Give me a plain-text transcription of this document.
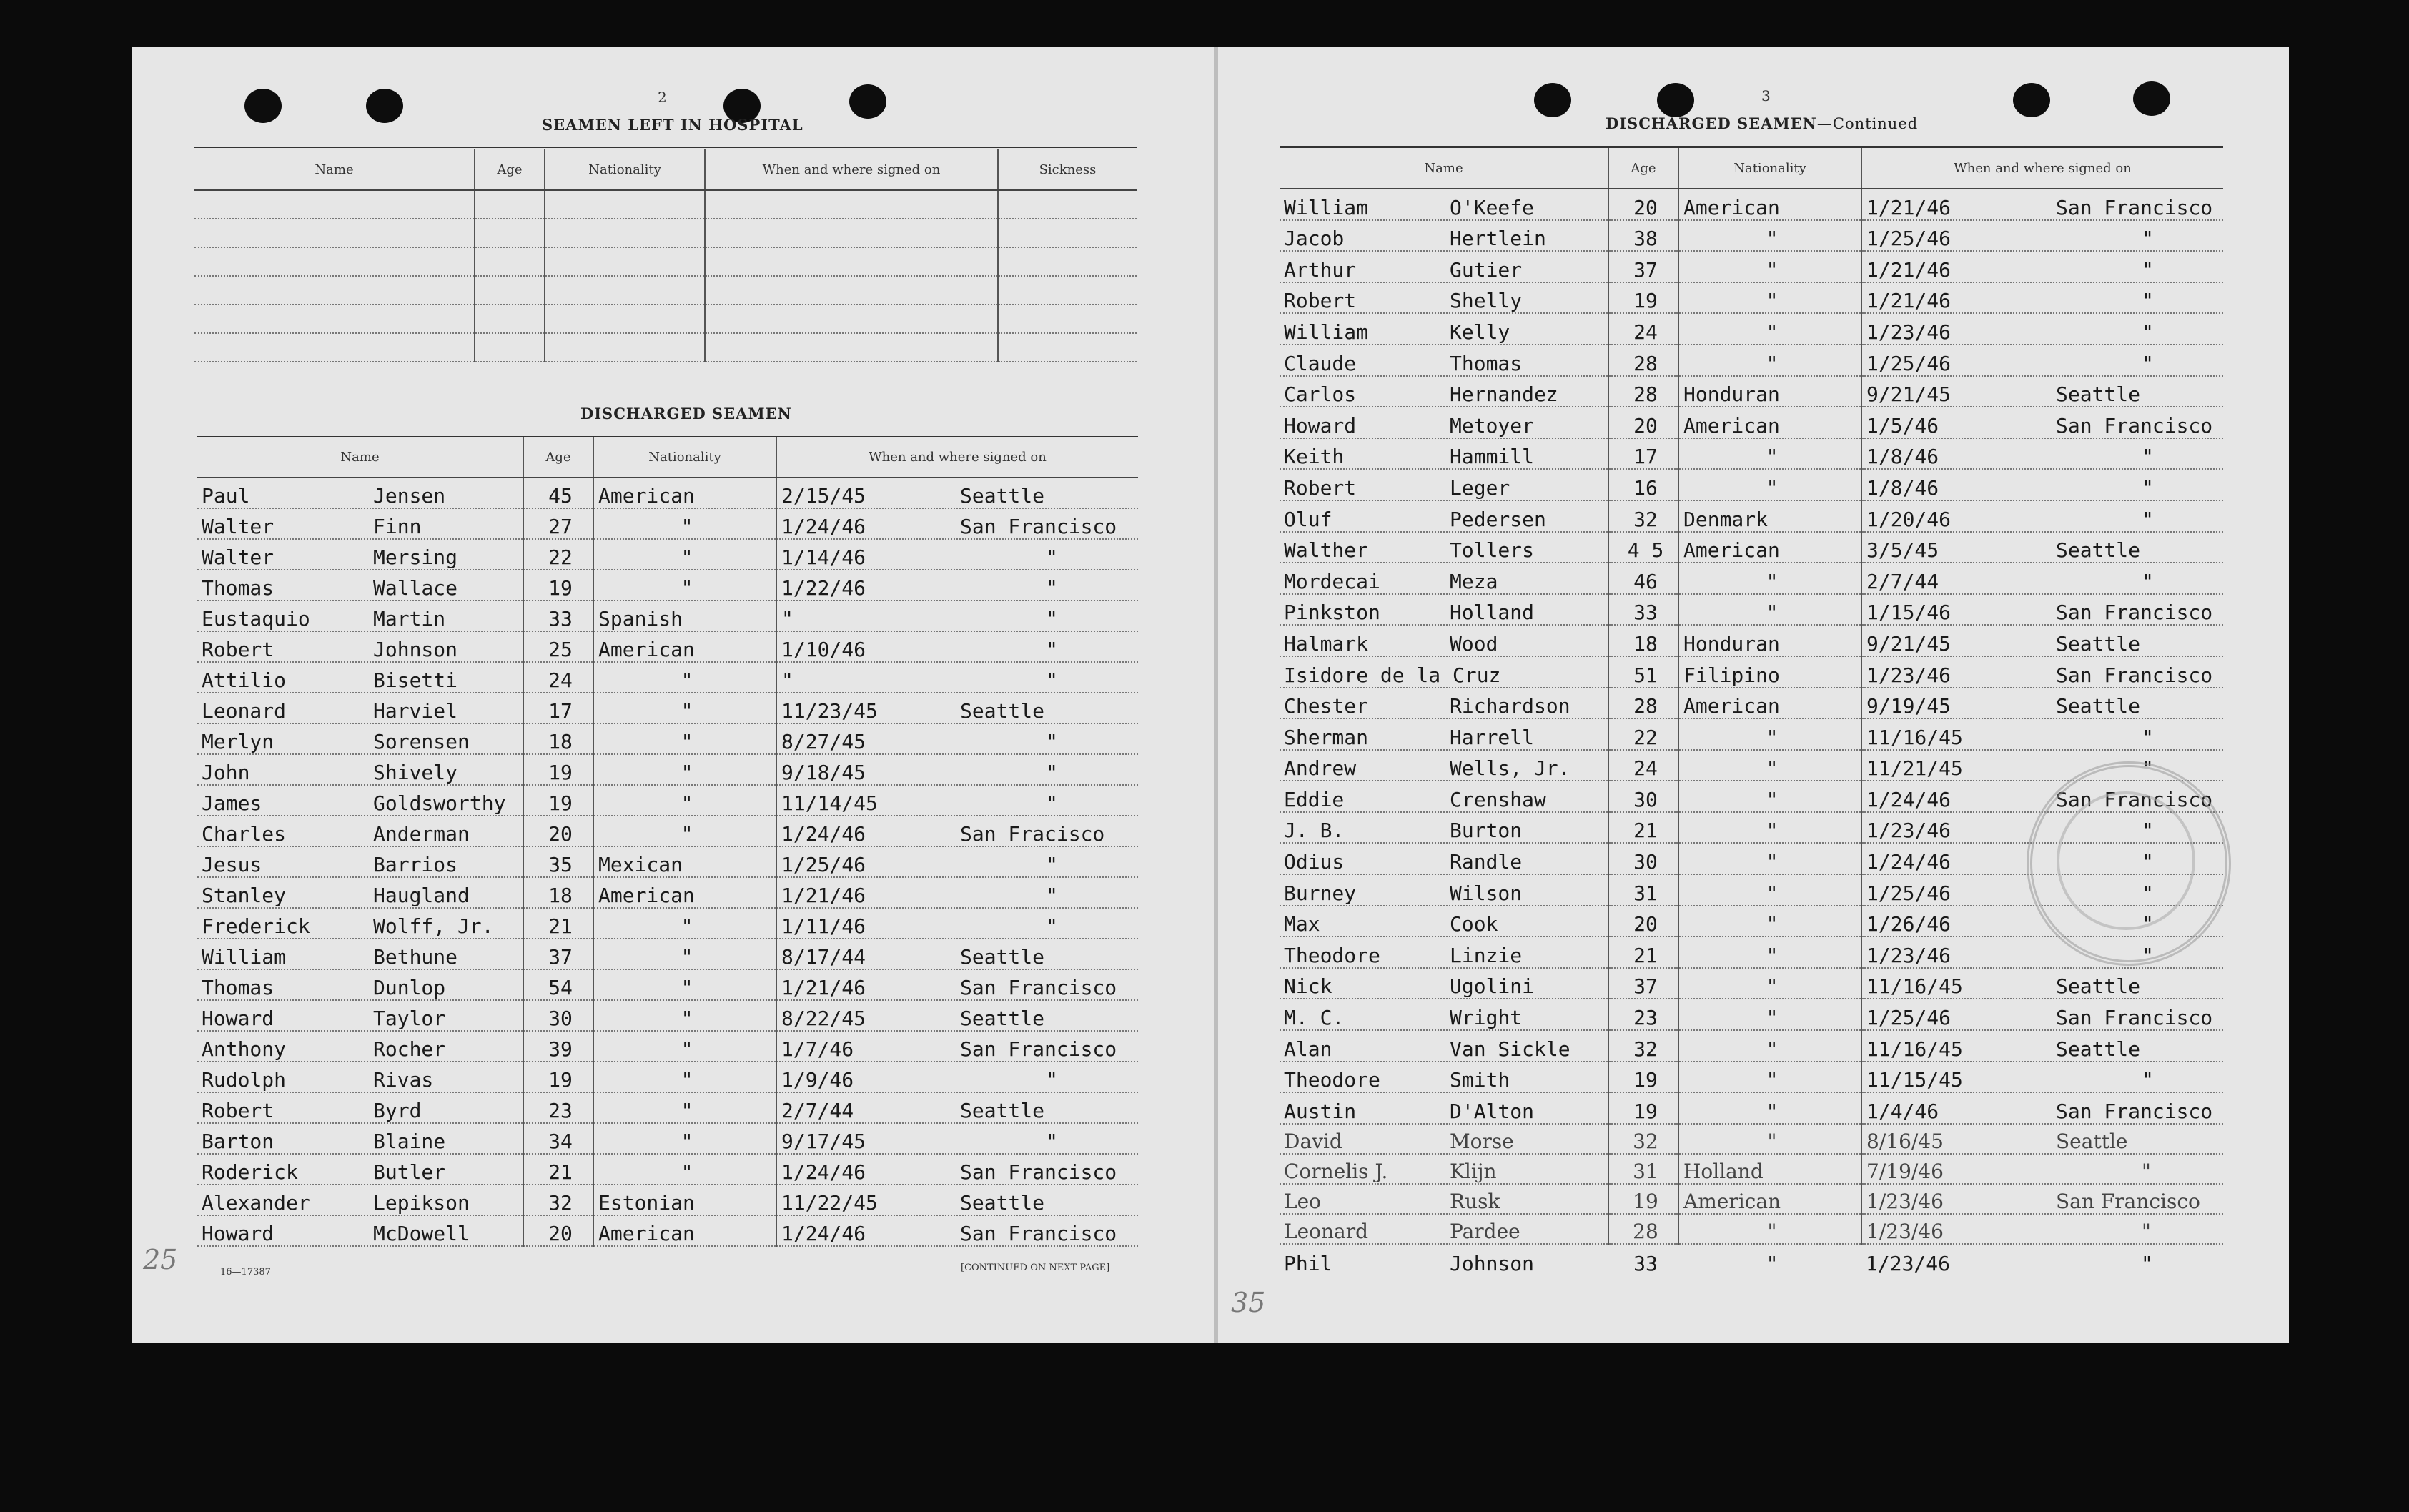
2
SEAMEN LEFT IN HOSPITAL
Name	Age	Nationality	When and where signed on	Sickness

DISCHARGED SEAMEN
Name	Age	Nationality	When and where signed on
Paul Jensen	45	American	2/15/45 Seattle
Walter Finn	27	"	1/24/46 San Francisco
Walter Mersing	22	"	1/14/46 "
Thomas Wallace	19	"	1/22/46 "
Eustaquio Martin	33	Spanish	" "
Robert Johnson	25	American	1/10/46 "
Attilio Bisetti	24	"	" "
Leonard Harviel	17	"	11/23/45 Seattle
Merlyn Sorensen	18	"	8/27/45 "
John Shively	19	"	9/18/45 "
James Goldsworthy	19	"	11/14/45 "
Charles Anderman	20	"	1/24/46 San Fracisco
Jesus Barrios	35	Mexican	1/25/46 "
Stanley Haugland	18	American	1/21/46 "
Frederick Wolff, Jr.	21	"	1/11/46 "
William Bethune	37	"	8/17/44 Seattle
Thomas Dunlop	54	"	1/21/46 San Francisco
Howard Taylor	30	"	8/22/45 Seattle
Anthony Rocher	39	"	1/7/46 San Francisco
Rudolph Rivas	19	"	1/9/46 "
Robert Byrd	23	"	2/7/44 Seattle
Barton Blaine	34	"	9/17/45 "
Roderick Butler	21	"	1/24/46 San Francisco
Alexander Lepikson	32	Estonian	11/22/45 Seattle
Howard McDowell	20	American	1/24/46 San Francisco
16—17387	[CONTINUED ON NEXT PAGE]
25
3
DISCHARGED SEAMEN—Continued
Name	Age	Nationality	When and where signed on
William O'Keefe	20	American	1/21/46 San Francisco
Jacob Hertlein	38	"	1/25/46 "
Arthur Gutier	37	"	1/21/46 "
Robert Shelly	19	"	1/21/46 "
William Kelly	24	"	1/23/46 "
Claude Thomas	28	"	1/25/46 "
Carlos Hernandez	28	Honduran	9/21/45 Seattle
Howard Metoyer	20	American	1/5/46 San Francisco
Keith Hammill	17	"	1/8/46 "
Robert Leger	16	"	1/8/46 "
Oluf Pedersen	32	Denmark	1/20/46 "
Walther Tollers	4 5	American	3/5/45 Seattle
Mordecai Meza	46	"	2/7/44 "
Pinkston Holland	33	"	1/15/46 San Francisco
Halmark Wood	18	Honduran	9/21/45 Seattle
Isidore de la Cruz	51	Filipino	1/23/46 San Francisco
Chester Richardson	28	American	9/19/45 Seattle
Sherman Harrell	22	"	11/16/45 "
Andrew Wells, Jr.	24	"	11/21/45 "
Eddie Crenshaw	30	"	1/24/46 San Francisco
J. B. Burton	21	"	1/23/46 "
Odius Randle	30	"	1/24/46 "
Burney Wilson	31	"	1/25/46 "
Max Cook	20	"	1/26/46 "
Theodore Linzie	21	"	1/23/46 "
Nick Ugolini	37	"	11/16/45 Seattle
M. C. Wright	23	"	1/25/46 San Francisco
Alan Van Sickle	32	"	11/16/45 Seattle
Theodore Smith	19	"	11/15/45 "
Austin D'Alton	19	"	1/4/46 San Francisco
David Morse	32	"	8/16/45 Seattle
Cornelis J. Klijn	31	Holland	7/19/46 "
Leo Rusk	19	American	1/23/46 San Francisco
Leonard Pardee	28	"	1/23/46 "
Phil Johnson	33	"	1/23/46 "
35
